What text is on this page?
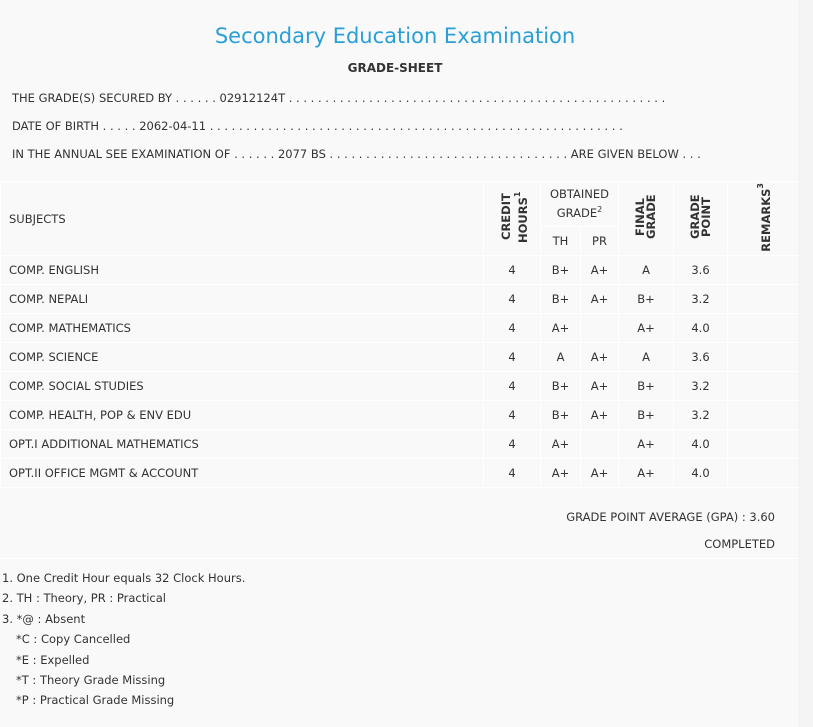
Secondary Education Examination
GRADE-SHEET
THE GRADE(S) SECURED BY . . . . . . 02912124T . . . . . . . . . . . . . . . . . . . . . . . . . . . . . . . . . . . . . . . . . . . . . . . . . . . .
DATE OF BIRTH . . . . . 2062-04-11 . . . . . . . . . . . . . . . . . . . . . . . . . . . . . . . . . . . . . . . . . . . . . . . . . . . . . . . . .
IN THE ANNUAL SEE EXAMINATION OF . . . . . . 2077 BS . . . . . . . . . . . . . . . . . . . . . . . . . . . . . . . . . ARE GIVEN BELOW . . .
SUBJECTS	CREDIT HOURS$^1$	OBTAINED GRADE$^2$		FINAL GRADE	GRADE POINT	REMARKS$^3$
		TH	PR			
COMP. ENGLISH	4	B+	A+	A	3.6	
COMP. NEPALI	4	B+	A+	B+	3.2	
COMP. MATHEMATICS	4	A+		A+	4.0	
COMP. SCIENCE	4	A	A+	A	3.6	
COMP. SOCIAL STUDIES	4	B+	A+	B+	3.2	
COMP. HEALTH, POP & ENV EDU	4	B+	A+	B+	3.2	
OPT.I ADDITIONAL MATHEMATICS	4	A+		A+	4.0	
OPT.II OFFICE MGMT & ACCOUNT	4	A+	A+	A+	4.0	
GRADE POINT AVERAGE (GPA) : 3.60
COMPLETED
1. One Credit Hour equals 32 Clock Hours.
2. TH : Theory, PR : Practical
3. *@ : Absent
*C : Copy Cancelled
*E : Expelled
*T : Theory Grade Missing
*P : Practical Grade Missing
